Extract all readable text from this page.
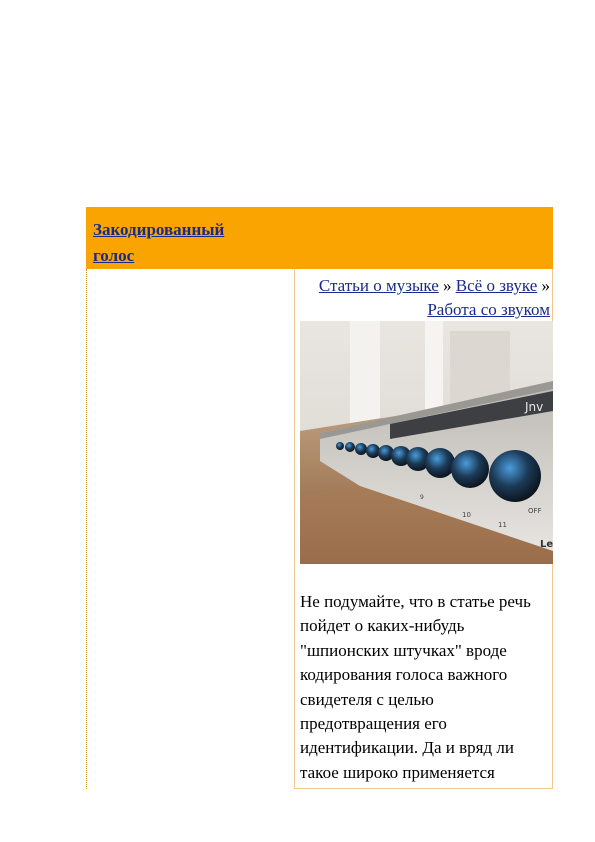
Закодированный голос
Статьи о музыке » Всё о звуке » Работа со звуком
Jnv
9
10
11
OFF
Le
Не подумайте, что в статье речь пойдет о каких-нибудь "шпионских штучках" вроде кодирования голоса важного свидетеля с целью предотвращения его идентификации. Да и вряд ли такое широко применяется
